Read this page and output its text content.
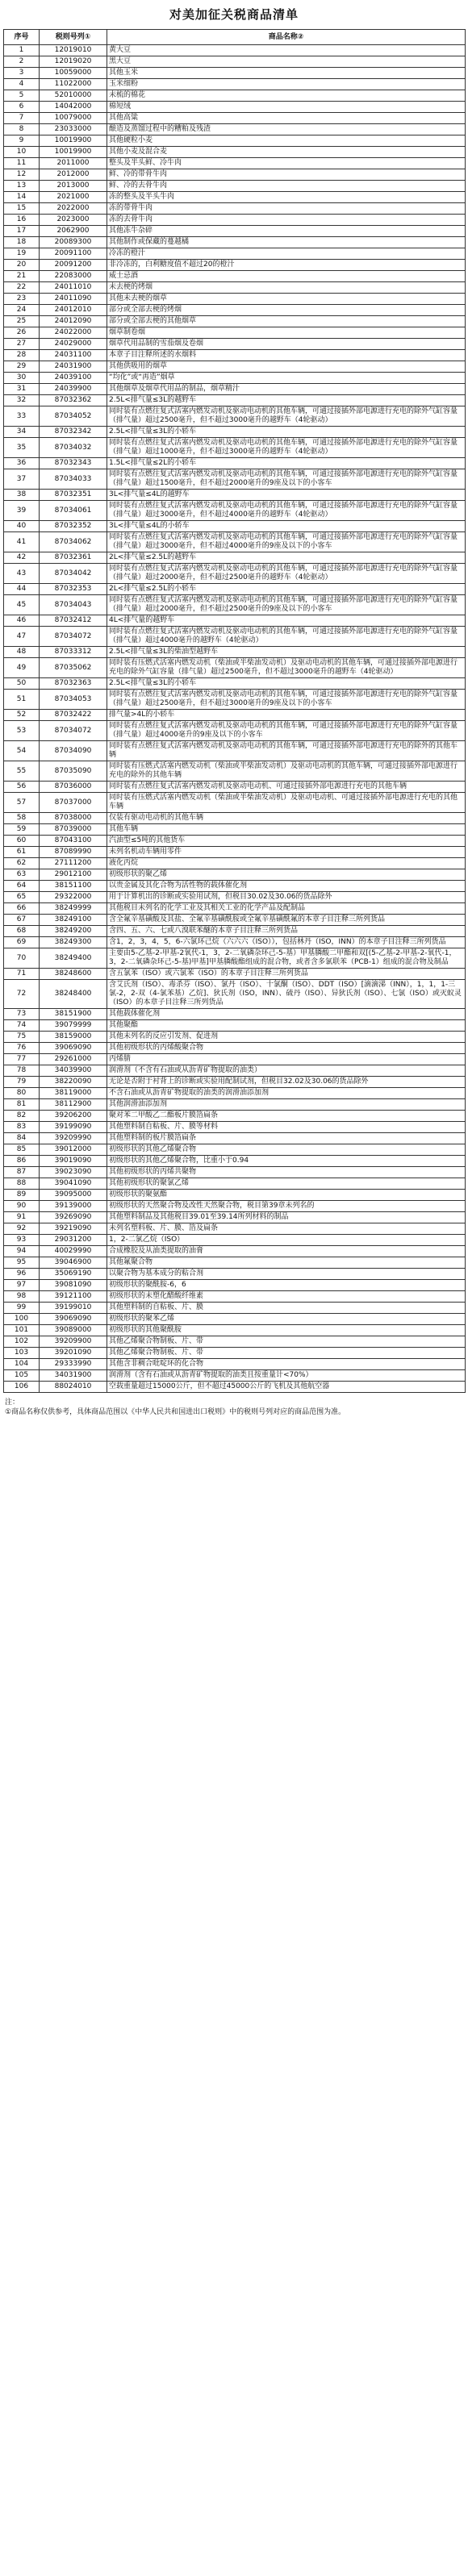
对美加征关税商品清单
序号	税则号列①	商品名称②
1	12019010	黄大豆
2	12019020	黑大豆
3	10059000	其他玉米
4	11022000	玉米细粉
5	52010000	未梳的棉花
6	14042000	棉短绒
7	10079000	其他高粱
8	23033000	酿造及蒸馏过程中的糟粕及残渣
9	10019900	其他硬粒小麦
10	10019900	其他小麦及混合麦
11	2011000	整头及半头鲜、冷牛肉
12	2012000	鲜、冷的带骨牛肉
13	2013000	鲜、冷的去骨牛肉
14	2021000	冻的整头及半头牛肉
15	2022000	冻的带骨牛肉
16	2023000	冻的去骨牛肉
17	2062900	其他冻牛杂碎
18	20089300	其他制作或保藏的蔓越橘
19	20091100	冷冻的橙汁
20	20091200	非冷冻的，白利糖度值不超过20的橙汁
21	22083000	威士忌酒
22	24011010	未去梗的烤烟
23	24011090	其他未去梗的烟草
24	24012010	部分或全部去梗的烤烟
25	24012090	部分或全部去梗的其他烟草
26	24022000	烟草制卷烟
27	24029000	烟草代用品制的雪茄烟及卷烟
28	24031100	本章子目注释所述的水烟料
29	24031900	其他供吸用的烟草
30	24039100	“均化”或“再造”烟草
31	24039900	其他烟草及烟草代用品的制品，烟草精汁
32	87032362	2.5L<排气量≤3L的越野车
33	87034052	同时装有点燃往复式活塞内燃发动机及驱动电动机的其他车辆，可通过接插外部电源进行充电的除外气缸容量（排气量）超过2500毫升，但不超过3000毫升的越野车（4轮驱动）
34	87032342	2.5L<排气量≤3L的小轿车
35	87034032	同时装有点燃往复式活塞内燃发动机及驱动电动机的其他车辆，可通过接插外部电源进行充电的除外气缸容量（排气量）超过1000毫升，但不超过3000毫升的越野车（4轮驱动）
36	87032343	1.5L<排气量≤2L的小轿车
37	87034033	同时装有点燃往复式活塞内燃发动机及驱动电动机的其他车辆，可通过接插外部电源进行充电的除外气缸容量（排气量）超过1500毫升，但不超过2000毫升的9座及以下的小客车
38	87032351	3L<排气量≤4L的越野车
39	87034061	同时装有点燃往复式活塞内燃发动机及驱动电动机的其他车辆，可通过接插外部电源进行充电的除外气缸容量（排气量）超过3000毫升，但不超过4000毫升的越野车（4轮驱动）
40	87032352	3L<排气量≤4L的小轿车
41	87034062	同时装有点燃往复式活塞内燃发动机及驱动电动机的其他车辆，可通过接插外部电源进行充电的除外气缸容量（排气量）超过3000毫升，但不超过4000毫升的9座及以下的小客车
42	87032361	2L<排气量≤2.5L的越野车
43	87034042	同时装有点燃往复式活塞内燃发动机及驱动电动机的其他车辆，可通过接插外部电源进行充电的除外气缸容量（排气量）超过2000毫升，但不超过2500毫升的越野车（4轮驱动）
44	87032353	2L<排气量≤2.5L的小轿车
45	87034043	同时装有点燃往复式活塞内燃发动机及驱动电动机的其他车辆，可通过接插外部电源进行充电的除外气缸容量（排气量）超过2000毫升，但不超过2500毫升的9座及以下的小客车
46	87032412	4L<排气量的越野车
47	87034072	同时装有点燃往复式活塞内燃发动机及驱动电动机的其他车辆，可通过接插外部电源进行充电的除外气缸容量（排气量）超过4000毫升的越野车（4轮驱动）
48	87033312	2.5L<排气量≤3L的柴油型越野车
49	87035062	同时装有压燃式活塞内燃发动机（柴油或半柴油发动机）及驱动电动机的其他车辆，可通过接插外部电源进行充电的除外气缸容量（排气量）超过2500毫升，但不超过3000毫升的越野车（4轮驱动）
50	87032363	2.5L<排气量≤3L的小轿车
51	87034053	同时装有点燃往复式活塞内燃发动机及驱动电动机的其他车辆，可通过接插外部电源进行充电的除外气缸容量（排气量）超过2500毫升，但不超过3000毫升的9座及以下的小客车
52	87032422	排气量>4L的小轿车
53	87034072	同时装有点燃往复式活塞内燃发动机及驱动电动机的其他车辆，可通过接插外部电源进行充电的除外气缸容量（排气量）超过4000毫升的9座及以下的小客车
54	87034090	同时装有点燃往复式活塞内燃发动机及驱动电动机的其他车辆，可通过接插外部电源进行充电的除外的其他车辆
55	87035090	同时装有压燃式活塞内燃发动机（柴油或半柴油发动机）及驱动电动机的其他车辆，可通过接插外部电源进行充电的除外的其他车辆
56	87036000	同时装有点燃往复式活塞内燃发动机及驱动电动机、可通过接插外部电源进行充电的其他车辆
57	87037000	同时装有压燃式活塞内燃发动机（柴油或半柴油发动机）及驱动电动机、可通过接插外部电源进行充电的其他车辆
58	87038000	仅装有驱动电动机的其他车辆
59	87039000	其他车辆
60	87043100	汽油型≤5吨的其他货车
61	87089990	未列名机动车辆用零件
62	27111200	液化丙烷
63	29012100	初级形状的聚乙烯
64	38151100	以贵金属及其化合物为活性物的载体催化剂
65	29322000	用于计算机出的诊断或实验用试剂，但税目30.02及30.06的货品除外
66	38249999	其他税目未列名的化学工业及其相关工业的化学产品及配制品
67	38249100	含全氟辛基磺酸及其盐、全氟辛基磺酰胺或全氟辛基磺酰氟的本章子目注释三所列货品
68	38249200	含四、五、六、七或八溴联苯醚的本章子目注释三所列货品
69	38249300	含1，2，3，4，5，6-六氯环己烷（六六六（ISO）），包括林丹（ISO，INN）的本章子目注释三所列货品
70	38249400	主要由5-乙基-2-甲基-2氧代-1，3，2-二氧磷杂环己-5-基）甲基膦酸二甲酯和双[(5-乙基-2-甲基-2-氧代-1，3，2-二氧磷杂环己-5-基)甲基]甲基膦酸酯组成的混合物，或者含多氯联苯（PCB-1）组成的混合物及制品
71	38248600	含五氯苯（ISO）或六氯苯（ISO）的本章子目注释三所列货品
72	38248400	含艾氏剂（ISO）、毒杀芬（ISO）、氯丹（ISO）、十氯酮（ISO）、DDT（ISO）[滴滴涕（INN），1，1，1-三氯-2，2-双（4-氯苯基）乙烷]、狄氏剂（ISO，INN）、硫丹（ISO）、异狄氏剂（ISO）、七氯（ISO）或灭蚁灵（ISO）的本章子目注释三所列货品
73	38151900	其他载体催化剂
74	39079999	其他聚酯
75	38159000	其他未列名的反应引发剂、促进剂
76	39069090	其他初级形状的丙烯酸聚合物
77	29261000	丙烯腈
78	34039900	润滑剂（不含有石油或从沥青矿物提取的油类）
79	38220090	无论是否附于衬背上的诊断或实验用配制试剂，但税目32.02及30.06的货品除外
80	38119000	不含石油或从沥青矿物提取的油类的润滑油添加剂
81	38112900	其他润滑油添加剂
82	39206200	聚对苯二甲酸乙二酯板片膜箔扁条
83	39199090	其他塑料制自粘板、片、膜等材料
84	39209990	其他塑料制的板片膜箔扁条
85	39012000	初级形状的其他乙烯聚合物
86	39019090	初级形状的其他乙烯聚合物，比重小于0.94
87	39023090	其他初级形状的丙烯共聚物
88	39041090	其他初级形状的聚氯乙烯
89	39095000	初级形状的聚氨酯
90	39139000	初级形状的天然聚合物及改性天然聚合物，税目第39章未列名的
91	39269090	其他塑料制品及其他税目39.01至39.14所列材料的制品
92	39219090	未列名塑料板、片、膜、箔及扁条
93	29031200	1，2-二氯乙烷（ISO）
94	40029990	合成橡胶及从油类提取的油膏
95	39046900	其他氟聚合物
96	35069190	以聚合物为基本成分的粘合剂
97	39081090	初级形状的聚酰胺-6，6
98	39121100	初级形状的未塑化醋酸纤维素
99	39199010	其他塑料制的自粘板、片、膜
100	39069090	初级形状的聚苯乙烯
101	39089000	初级形状的其他聚酰胺
102	39209900	其他乙烯聚合物制板、片、带
103	39201090	其他乙烯聚合物制板、片、带
104	29333990	其他含非稠合吡啶环的化合物
105	34031900	润滑剂（含有石油或从沥青矿物提取的油类且按重量计<70%）
106	88024010	空载重量超过15000公斤，但不超过45000公斤的飞机及其他航空器
注：
①商品名称仅供参考，具体商品范围以《中华人民共和国进出口税则》中的税则号列对应的商品范围为准。
